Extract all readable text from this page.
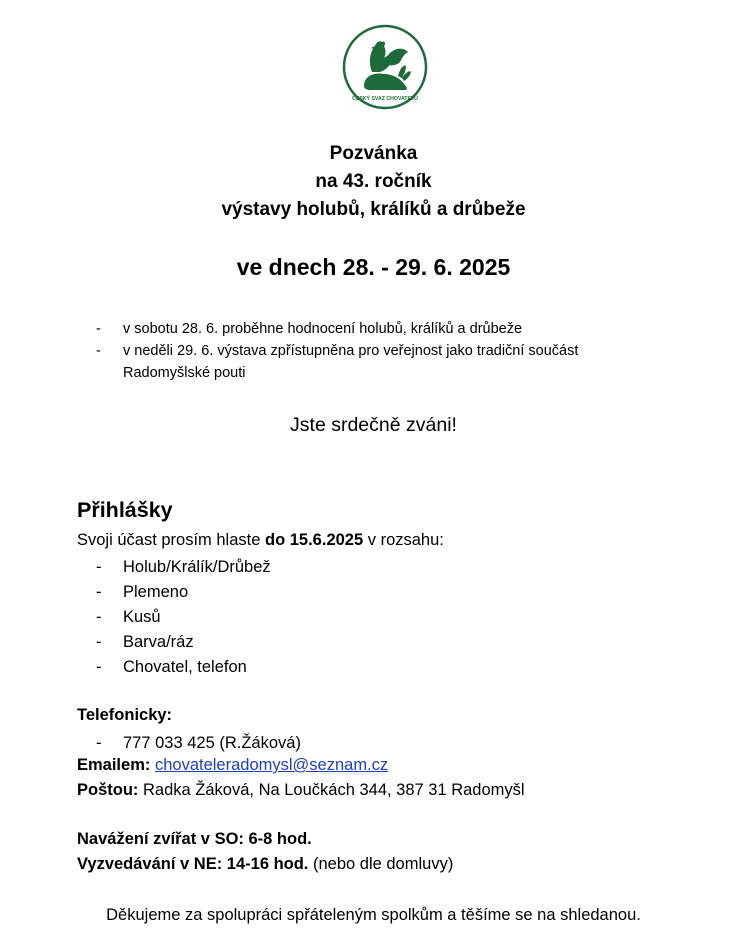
ČESKÝ SVAZ CHOVATELŮ
Pozvánka
na 43. ročník
výstavy holubů, králíků a drůbeže
ve dnech 28. - 29. 6. 2025
-	v sobotu 28. 6. proběhne hodnocení holubů, králíků a drůbeže
-	v neděli 29. 6. výstava zpřístupněna pro veřejnost jako tradiční součást
Radomyšlské pouti
Jste srdečně zváni!
Přihlášky
Svoji účast prosím hlaste do 15.6.2025 v rozsahu:
-	Holub/Králík/Drůbež
-	Plemeno
-	Kusů
-	Barva/ráz
-	Chovatel, telefon
Telefonicky:
-	777 033 425 (R.Žáková)
Emailem: chovateleradomysl@seznam.cz
Poštou: Radka Žáková, Na Loučkách 344, 387 31 Radomyšl
Navážení zvířat v SO: 6-8 hod.
Vyzvedávání v NE: 14-16 hod. (nebo dle domluvy)
Děkujeme za spolupráci spřáteleným spolkům a těšíme se na shledanou.
